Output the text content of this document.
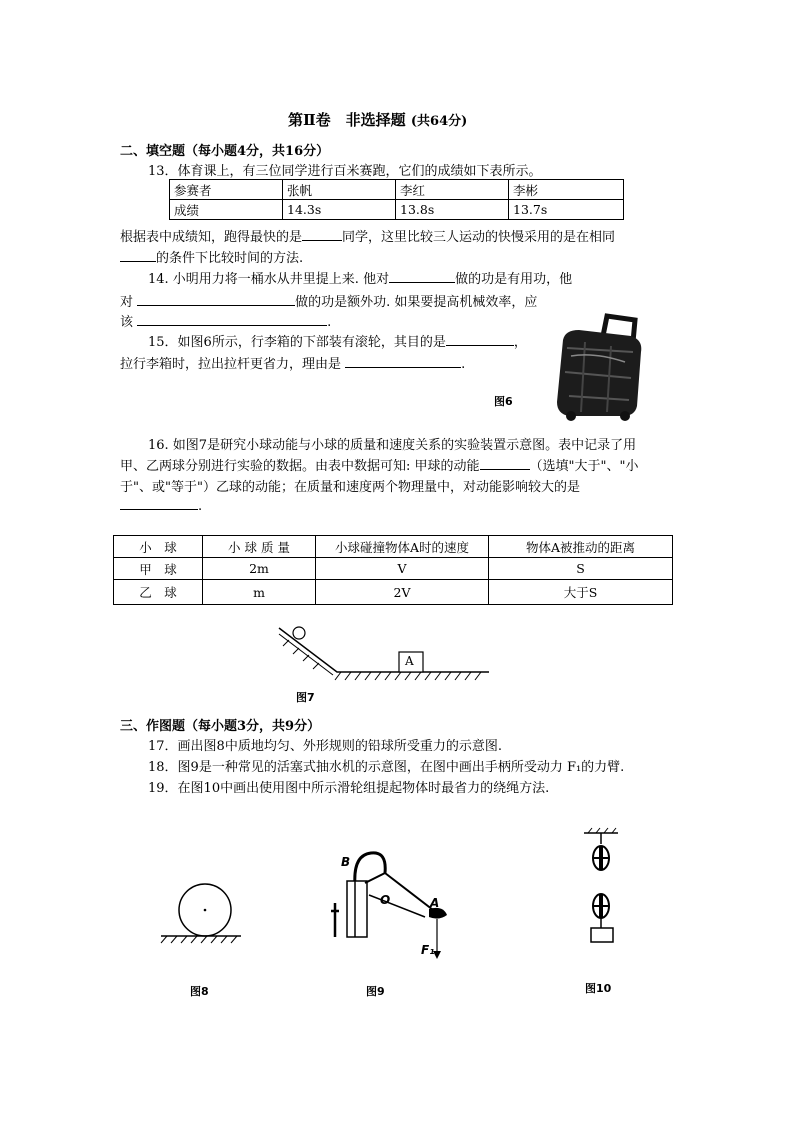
第Ⅱ卷　非选择题 (共64分)
二、填空题（每小题4分，共16分）
13．体育课上，有三位同学进行百米赛跑，它们的成绩如下表所示。
参赛者	张帆	李红	李彬
成绩	14.3s	13.8s	13.7s
根据表中成绩知，跑得最快的是	同学，这里比较三人运动的快慢采用的是在相同
的条件下比较时间的方法.
14. 小明用力将一桶水从井里提上来. 他对	做的功是有用功，他
对	做的功是额外功. 如果要提高机械效率，应
该	.
15．如图6所示，行李箱的下部装有滚轮，其目的是	，
拉行李箱时，拉出拉杆更省力，理由是	.
图6
16. 如图7是研究小球动能与小球的质量和速度关系的实验装置示意图。表中记录了用
甲、乙两球分别进行实验的数据。由表中数据可知: 甲球的动能	（选填"大于"、"小
于"、或"等于"）乙球的动能；在质量和速度两个物理量中，对动能影响较大的是
.
小　球	小 球 质 量	小球碰撞物体A时的速度	物体A被推动的距离
甲　球	2m	V	S
乙　球	m	2V	大于S
A
图7
三、作图题（每小题3分，共9分）
17．画出图8中质地均匀、外形规则的铅球所受重力的示意图.
18．图9是一种常见的活塞式抽水机的示意图，在图中画出手柄所受动力 F₁的力臂.
19．在图10中画出使用图中所示滑轮组提起物体时最省力的绕绳方法.
图8
B
O	A
F₁
图9	图10
